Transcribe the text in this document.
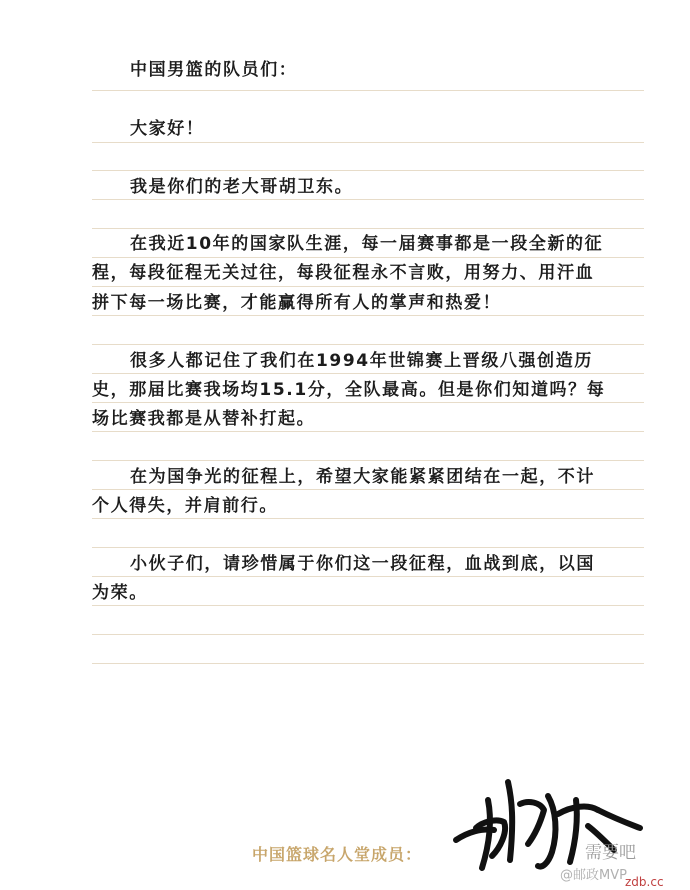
中国男篮的队员们：
大家好！
我是你们的老大哥胡卫东。
在我近10年的国家队生涯，每一届赛事都是一段全新的征
程，每段征程无关过往，每段征程永不言败，用努力、用汗血
拼下每一场比赛，才能赢得所有人的掌声和热爱！
很多人都记住了我们在1994年世锦赛上晋级八强创造历
史，那届比赛我场均15.1分，全队最高。但是你们知道吗？每
场比赛我都是从替补打起。
在为国争光的征程上，希望大家能紧紧团结在一起，不计
个人得失，并肩前行。
小伙子们，请珍惜属于你们这一段征程，血战到底，以国
为荣。
中国篮球名人堂成员：	需要吧
@邮政MVP
zdb.cc
